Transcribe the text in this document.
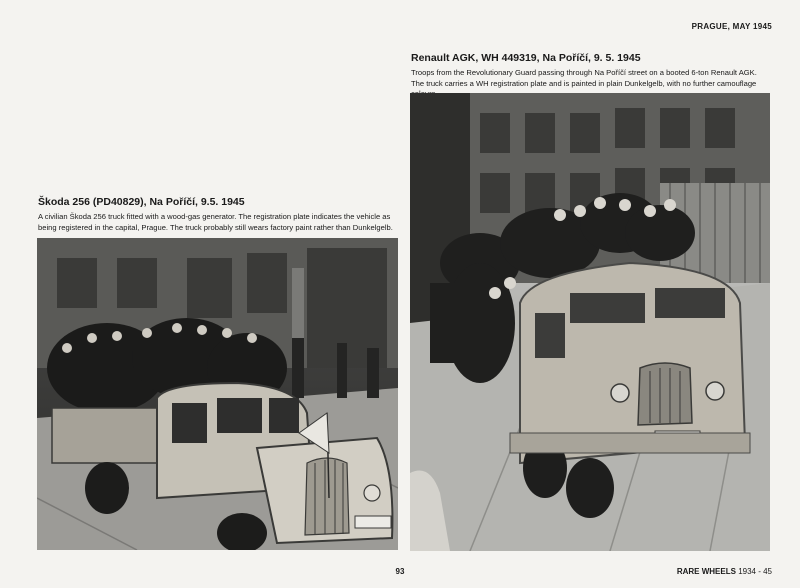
PRAGUE, MAY 1945

Renault AGK, WH 449319, Na Poříčí, 9. 5. 1945

Troops from the Revolutionary Guard passing through Na Poříčí street on a booted 6-ton Renault AGK. The truck carries a WH registration plate and is painted in plain Dunkelgelb, with no further camouflage

Škoda 256 (PD40829), Na Poříčí, 9.5. 1945

A civilian Škoda 256 truck fitted with a wood-gas generator. The registration plate indicates the vehicle as being registered in the capital, Prague. The truck probably still wears factory paint rather than Dunkelgelb.

93	RARE WHEELS 1934 - 45
